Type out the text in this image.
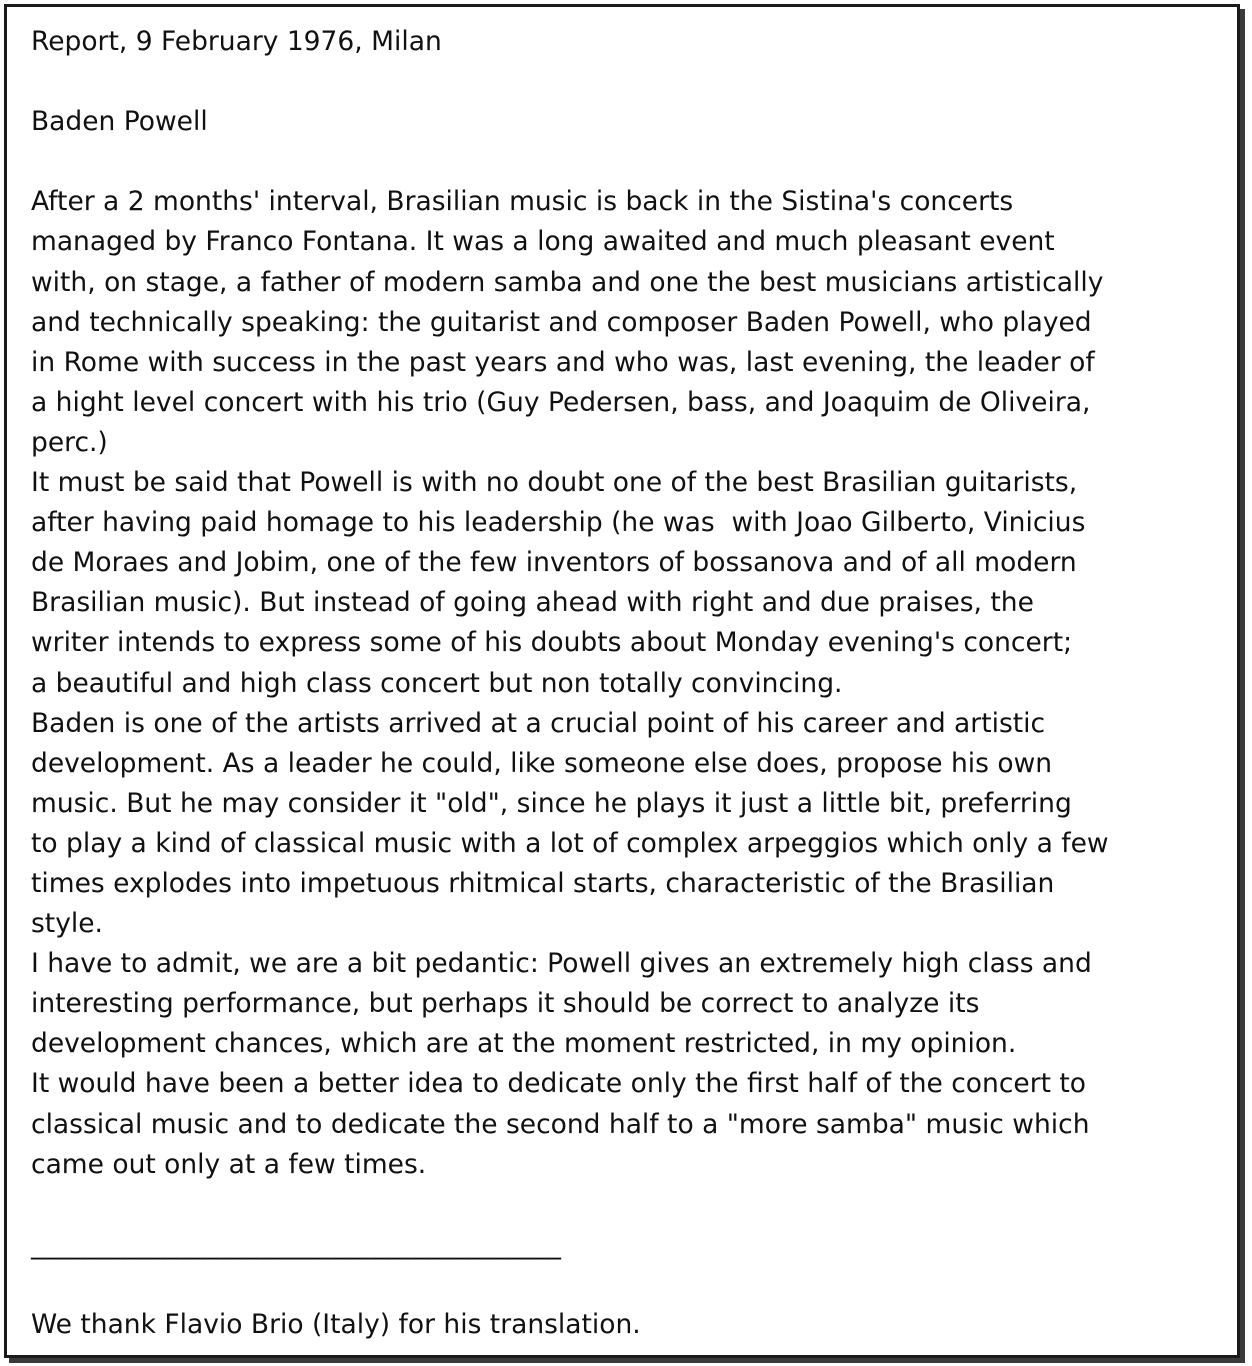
Report, 9 February 1976, Milan
Baden Powell
After a 2 months' interval, Brasilian music is back in the Sistina's concerts
managed by Franco Fontana. It was a long awaited and much pleasant event
with, on stage, a father of modern samba and one the best musicians artistically
and technically speaking: the guitarist and composer Baden Powell, who played
in Rome with success in the past years and who was, last evening, the leader of
a hight level concert with his trio (Guy Pedersen, bass, and Joaquim de Oliveira,
perc.)
It must be said that Powell is with no doubt one of the best Brasilian guitarists,
after having paid homage to his leadership (he was  with Joao Gilberto, Vinicius
de Moraes and Jobim, one of the few inventors of bossanova and of all modern
Brasilian music). But instead of going ahead with right and due praises, the
writer intends to express some of his doubts about Monday evening's concert;
a beautiful and high class concert but non totally convincing.
Baden is one of the artists arrived at a crucial point of his career and artistic
development. As a leader he could, like someone else does, propose his own
music. But he may consider it "old", since he plays it just a little bit, preferring
to play a kind of classical music with a lot of complex arpeggios which only a few
times explodes into impetuous rhitmical starts, characteristic of the Brasilian
style.
I have to admit, we are a bit pedantic: Powell gives an extremely high class and
interesting performance, but perhaps it should be correct to analyze its
development chances, which are at the moment restricted, in my opinion.
It would have been a better idea to dedicate only the first half of the concert to
classical music and to dedicate the second half to a "more samba" music which
came out only at a few times.
________________________________________
We thank Flavio Brio (Italy) for his translation.
